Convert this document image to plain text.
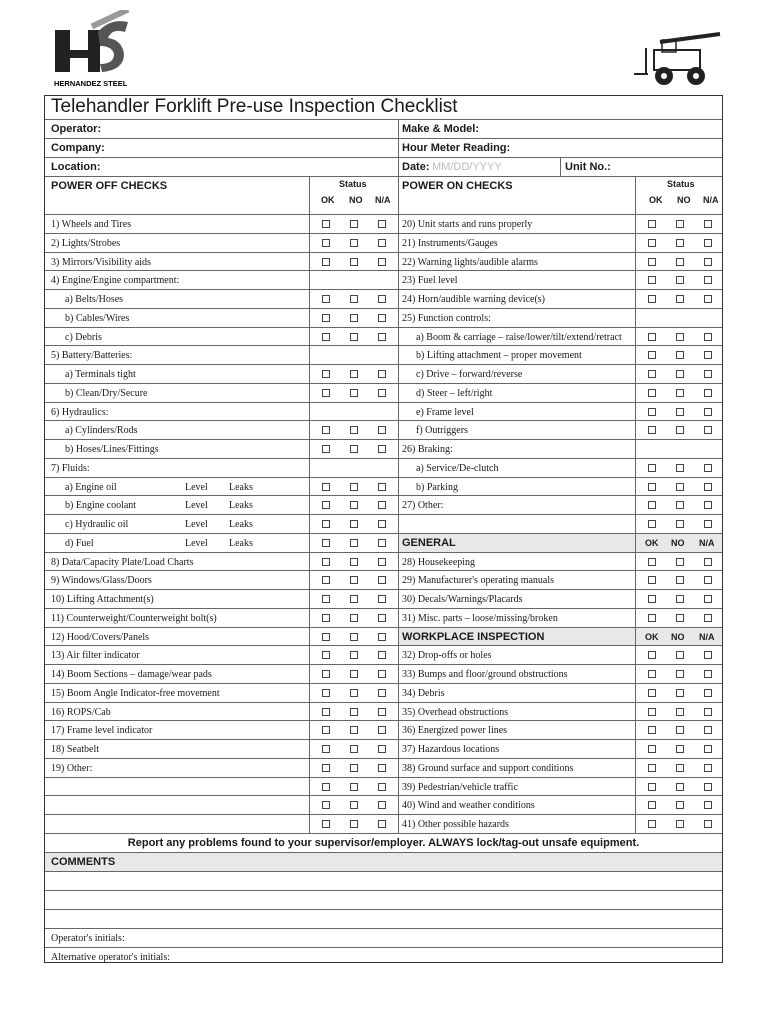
HERNANDEZ STEEL
Telehandler Forklift Pre-use Inspection Checklist
Operator:	Make & Model:
Company:	Hour Meter Reading:
Location:	Date: MM/DD/YYYY	Unit No.:
POWER OFF CHECKS	POWER ON CHECKS
Status
OK NO N/A
Status
OK NO N/A
1) Wheels and Tires	20) Unit starts and runs properly
2) Lights/Strobes	21) Instruments/Gauges
3) Mirrors/Visibility aids	22) Warning lights/audible alarms
4) Engine/Engine compartment:	23) Fuel level
a) Belts/Hoses	24) Horn/audible warning device(s)
b) Cables/Wires	25) Function controls:
c) Debris	a) Boom & carriage – raise/lower/tilt/extend/retract
5) Battery/Batteries:	b) Lifting attachment – proper movement
a) Terminals tight	c) Drive – forward/reverse
b) Clean/Dry/Secure	d) Steer – left/right
6) Hydraulics:	e) Frame level
a) Cylinders/Rods	f) Outriggers
b) Hoses/Lines/Fittings	26) Braking:
7) Fluids:	a) Service/De-clutch
a) Engine oil	Level Leaks	b) Parking
b) Engine coolant	Level Leaks	27) Other:
c) Hydraulic oil	Level Leaks
d) Fuel	Level Leaks	GENERAL	OK NO N/A
8) Data/Capacity Plate/Load Charts	28) Housekeeping
9) Windows/Glass/Doors	29) Manufacturer's operating manuals
10) Lifting Attachment(s)	30) Decals/Warnings/Placards
11) Counterweight/Counterweight bolt(s)	31) Misc. parts – loose/missing/broken
12) Hood/Covers/Panels	WORKPLACE INSPECTION	OK NO N/A
13) Air filter indicator	32) Drop-offs or holes
14) Boom Sections – damage/wear pads	33) Bumps and floor/ground obstructions
15) Boom Angle Indicator-free movement	34) Debris
16) ROPS/Cab	35) Overhead obstructions
17) Frame level indicator	36) Energized power lines
18) Seatbelt	37) Hazardous locations
19) Other:	38) Ground surface and support conditions
39) Pedestrian/vehicle traffic
40) Wind and weather conditions
41) Other possible hazards
Report any problems found to your supervisor/employer. ALWAYS lock/tag-out unsafe equipment.
COMMENTS
Operator's initials:
Alternative operator's initials:
